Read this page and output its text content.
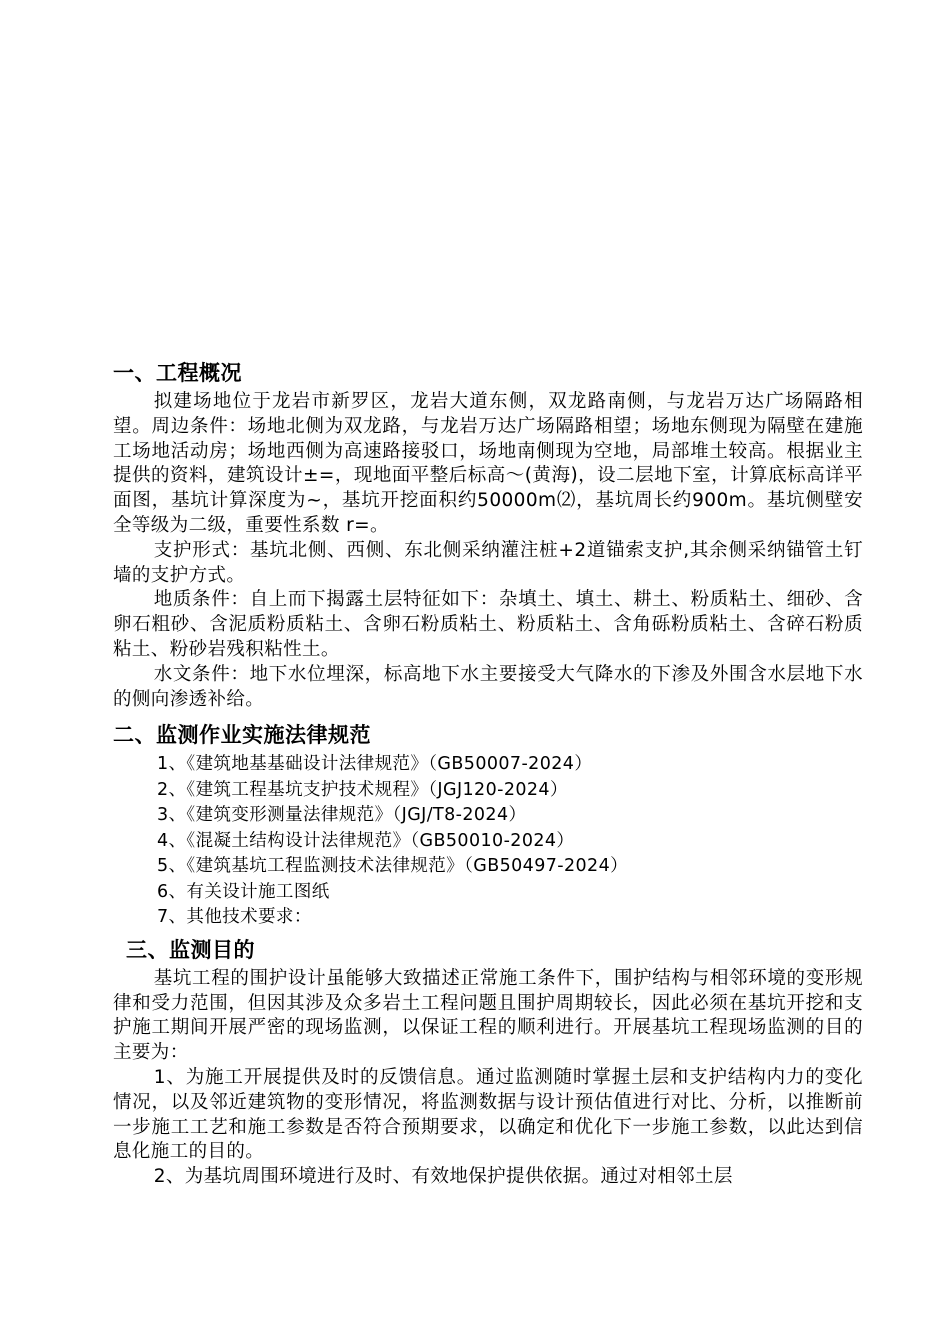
一、工程概况

拟建场地位于龙岩市新罗区，龙岩大道东侧，双龙路南侧，与龙岩万达广场隔路相望。周边条件：场地北侧为双龙路，与龙岩万达广场隔路相望；场地东侧现为隔壁在建施工场地活动房；场地西侧为高速路接驳口，场地南侧现为空地，局部堆土较高。根据业主提供的资料，建筑设计±=，现地面平整后标高～(黄海)，设二层地下室，计算底标高详平面图，基坑计算深度为~，基坑开挖面积约50000m⑵，基坑周长约900m。基坑侧壁安全等级为二级，重要性系数 r=。

支护形式：基坑北侧、西侧、东北侧采纳灌注桩+2道锚索支护,其余侧采纳锚管土钉墙的支护方式。

地质条件：自上而下揭露土层特征如下：杂填土、填土、耕土、粉质粘土、细砂、含卵石粗砂、含泥质粉质粘土、含卵石粉质粘土、粉质粘土、含角砾粉质粘土、含碎石粉质粘土、粉砂岩残积粘性土。

水文条件：地下水位埋深，标高地下水主要接受大气降水的下渗及外围含水层地下水的侧向渗透补给。

二、监测作业实施法律规范
1、《建筑地基基础设计法律规范》（GB50007-2024）
2、《建筑工程基坑支护技术规程》（JGJ120-2024）
3、《建筑变形测量法律规范》（JGJ/T8-2024）
4、《混凝土结构设计法律规范》（GB50010-2024）
5、《建筑基坑工程监测技术法律规范》（GB50497-2024）
6、有关设计施工图纸
7、其他技术要求：
三、监测目的

基坑工程的围护设计虽能够大致描述正常施工条件下，围护结构与相邻环境的变形规律和受力范围，但因其涉及众多岩土工程问题且围护周期较长，因此必须在基坑开挖和支护施工期间开展严密的现场监测，以保证工程的顺利进行。开展基坑工程现场监测的目的主要为：

1、为施工开展提供及时的反馈信息。通过监测随时掌握土层和支护结构内力的变化情况，以及邻近建筑物的变形情况，将监测数据与设计预估值进行对比、分析，以推断前一步施工工艺和施工参数是否符合预期要求，以确定和优化下一步施工参数，以此达到信息化施工的目的。

2、为基坑周围环境进行及时、有效地保护提供依据。通过对相邻土层
